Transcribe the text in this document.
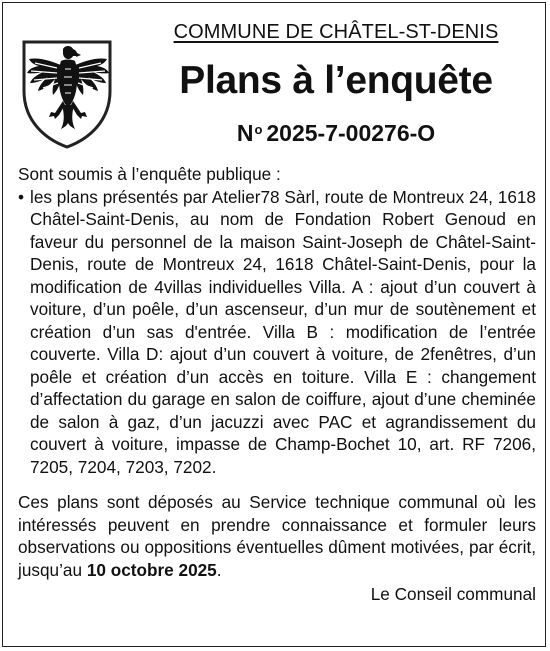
COMMUNE DE CHÂTEL-ST-DENIS
Plans à l’enquête
$N^o$ 2025-7-00276-O

Sont soumis à l’enquête publique :

• les plans présentés par Atelier78 Sàrl, route de Montreux 24, 1618 Châtel-Saint-Denis, au nom de Fondation Robert Genoud en faveur du personnel de la maison Saint-Joseph de Châtel-Saint-Denis, route de Montreux 24, 1618 Châtel-Saint-Denis, pour la modification de 4villas individuelles Villa. A : ajout d’un couvert à voiture, d’un poêle, d’un ascenseur, d’un mur de soutènement et création d’un sas d'entrée. Villa B : modification de l’entrée couverte. Villa D: ajout d’un couvert à voiture, de 2fenêtres, d’un poêle et création d’un accès en toiture. Villa E : changement d’affectation du garage en salon de coiffure, ajout d’une cheminée de salon à gaz, d’un jacuzzi avec PAC et agrandissement du couvert à voiture, impasse de Champ-Bochet 10, art. RF 7206, 7205, 7204, 7203, 7202.

Ces plans sont déposés au Service technique communal où les intéressés peuvent en prendre connaissance et formuler leurs observations ou oppositions éventuelles dûment motivées, par écrit, jusqu’au 10 octobre 2025.

Le Conseil communal
